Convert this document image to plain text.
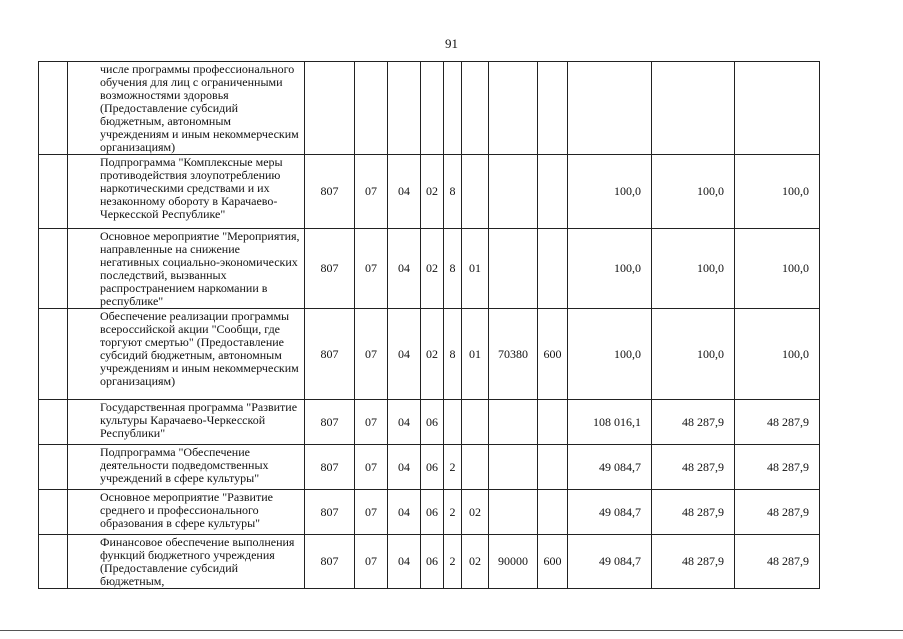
91
	числе программы профессионального обучения для лиц с ограниченными возможностями здоровья (Предоставление субсидий бюджетным, автономным учреждениям и иным некоммерческим организациям)											
	Подпрограмма "Комплексные меры противодействия злоупотреблению наркотическими средствами и их незаконному обороту в Карачаево-Черкесской Республике"	807	07	04	02	8				100,0	100,0	100,0
	Основное мероприятие "Мероприятия, направленные на снижение негативных социально-экономических последствий, вызванных распространением наркомании в республике"	807	07	04	02	8	01			100,0	100,0	100,0
	Обеспечение реализации программы всероссийской акции "Сообщи, где торгуют смертью" (Предоставление субсидий бюджетным, автономным учреждениям и иным некоммерческим организациям)	807	07	04	02	8	01	70380	600	100,0	100,0	100,0
	Государственная программа "Развитие культуры Карачаево-Черкесской Республики"	807	07	04	06					108 016,1	48 287,9	48 287,9
	Подпрограмма "Обеспечение деятельности подведомственных учреждений в сфере культуры"	807	07	04	06	2				49 084,7	48 287,9	48 287,9
	Основное мероприятие "Развитие среднего и профессионального образования в сфере культуры"	807	07	04	06	2	02			49 084,7	48 287,9	48 287,9
	Финансовое обеспечение выполнения функций бюджетного учреждения (Предоставление субсидий бюджетным,	807	07	04	06	2	02	90000	600	49 084,7	48 287,9	48 287,9
